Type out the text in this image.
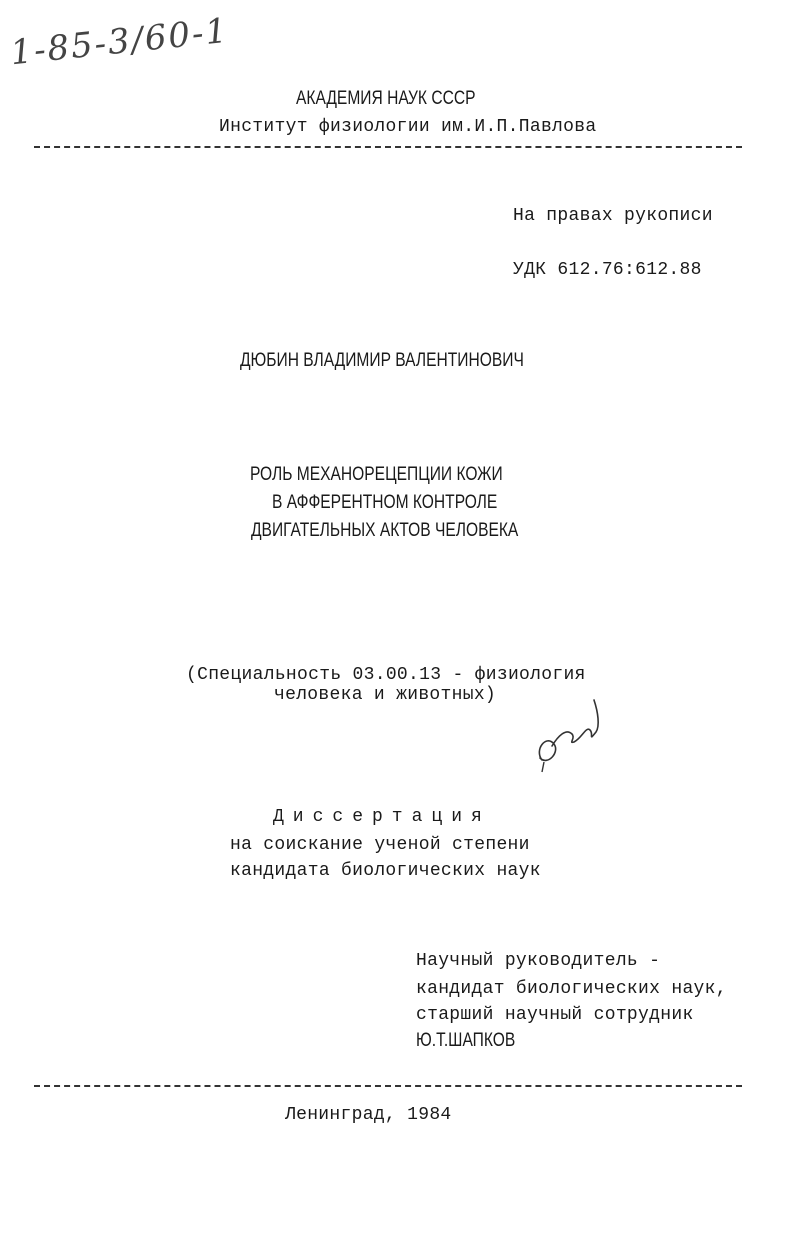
1-85-3/60-1
АКАДЕМИЯ НАУК СССР
Институт физиологии им.И.П.Павлова
На правах рукописи
УДК 612.76:612.88
ДЮБИН ВЛАДИМИР ВАЛЕНТИНОВИЧ
РОЛЬ МЕХАНОРЕЦЕПЦИИ КОЖИ
В АФФЕРЕНТНОМ КОНТРОЛЕ
ДВИГАТЕЛЬНЫХ АКТОВ ЧЕЛОВЕКА
(Специальность 03.00.13 - физиология
человека и животных)
Диссертация
на соискание ученой степени
кандидата биологических наук
Научный руководитель -
кандидат биологических наук,
старший научный сотрудник
Ю.Т.ШАПКОВ
Ленинград, 1984
